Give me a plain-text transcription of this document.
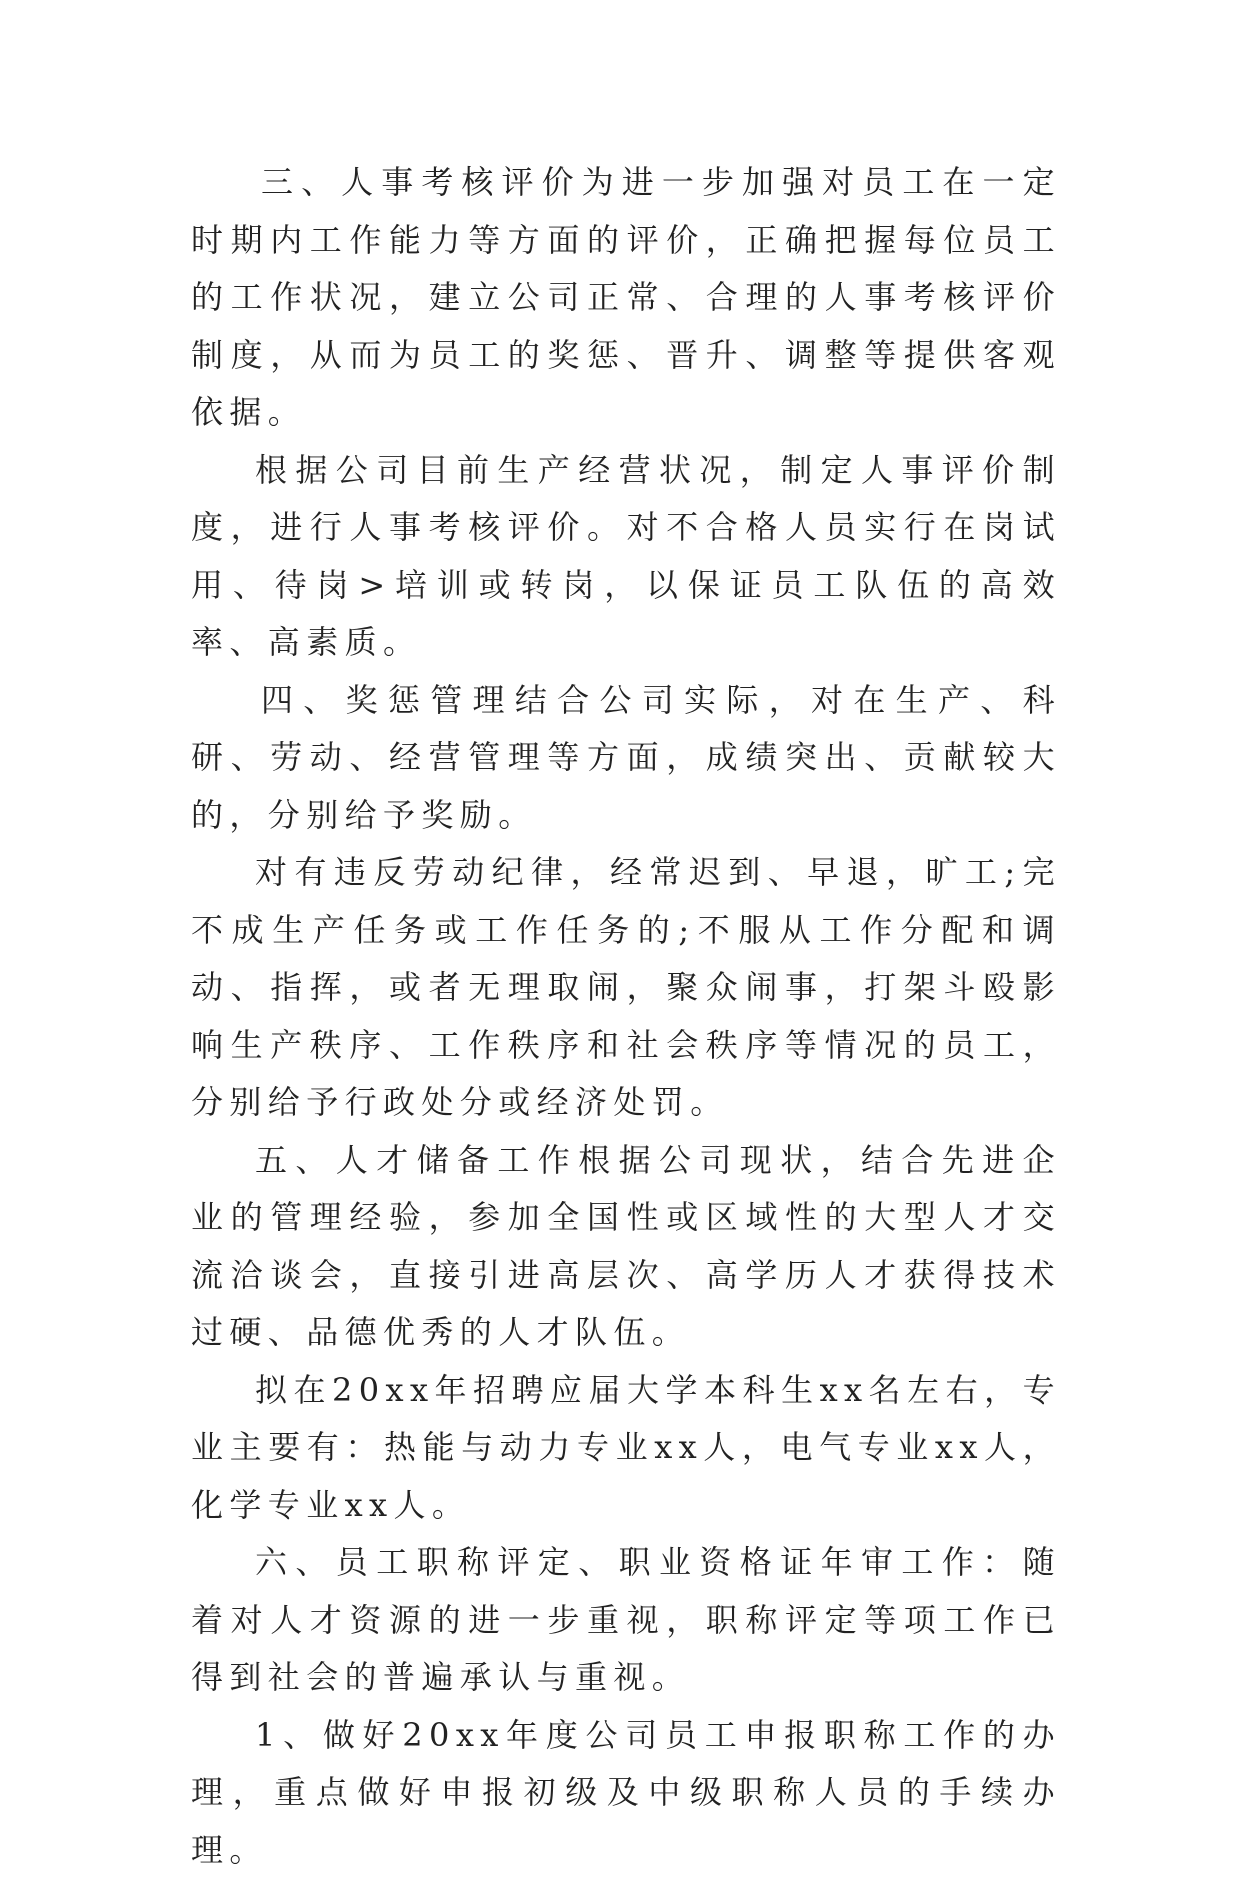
三、人事考核评价为进一步加强对员工在一定时期内工作能力等方面的评价，正确把握每位员工的工作状况，建立公司正常、合理的人事考核评价制度，从而为员工的奖惩、晋升、调整等提供客观依据。

根据公司目前生产经营状况，制定人事评价制度，进行人事考核评价。对不合格人员实行在岗试用、待岗>培训或转岗，以保证员工队伍的高效率、高素质。

四、奖惩管理结合公司实际，对在生产、科研、劳动、经营管理等方面，成绩突出、贡献较大的，分别给予奖励。

对有违反劳动纪律，经常迟到、早退，旷工;完不成生产任务或工作任务的;不服从工作分配和调动、指挥，或者无理取闹，聚众闹事，打架斗殴影响生产秩序、工作秩序和社会秩序等情况的员工，分别给予行政处分或经济处罚。

五、人才储备工作根据公司现状，结合先进企业的管理经验，参加全国性或区域性的大型人才交流洽谈会，直接引进高层次、高学历人才获得技术过硬、品德优秀的人才队伍。

拟在20xx年招聘应届大学本科生xx名左右，专业主要有：热能与动力专业xx人，电气专业xx人，化学专业xx人。

六、员工职称评定、职业资格证年审工作：随着对人才资源的进一步重视，职称评定等项工作已得到社会的普遍承认与重视。

1、做好20xx年度公司员工申报职称工作的办理，重点做好申报初级及中级职称人员的手续办理。
